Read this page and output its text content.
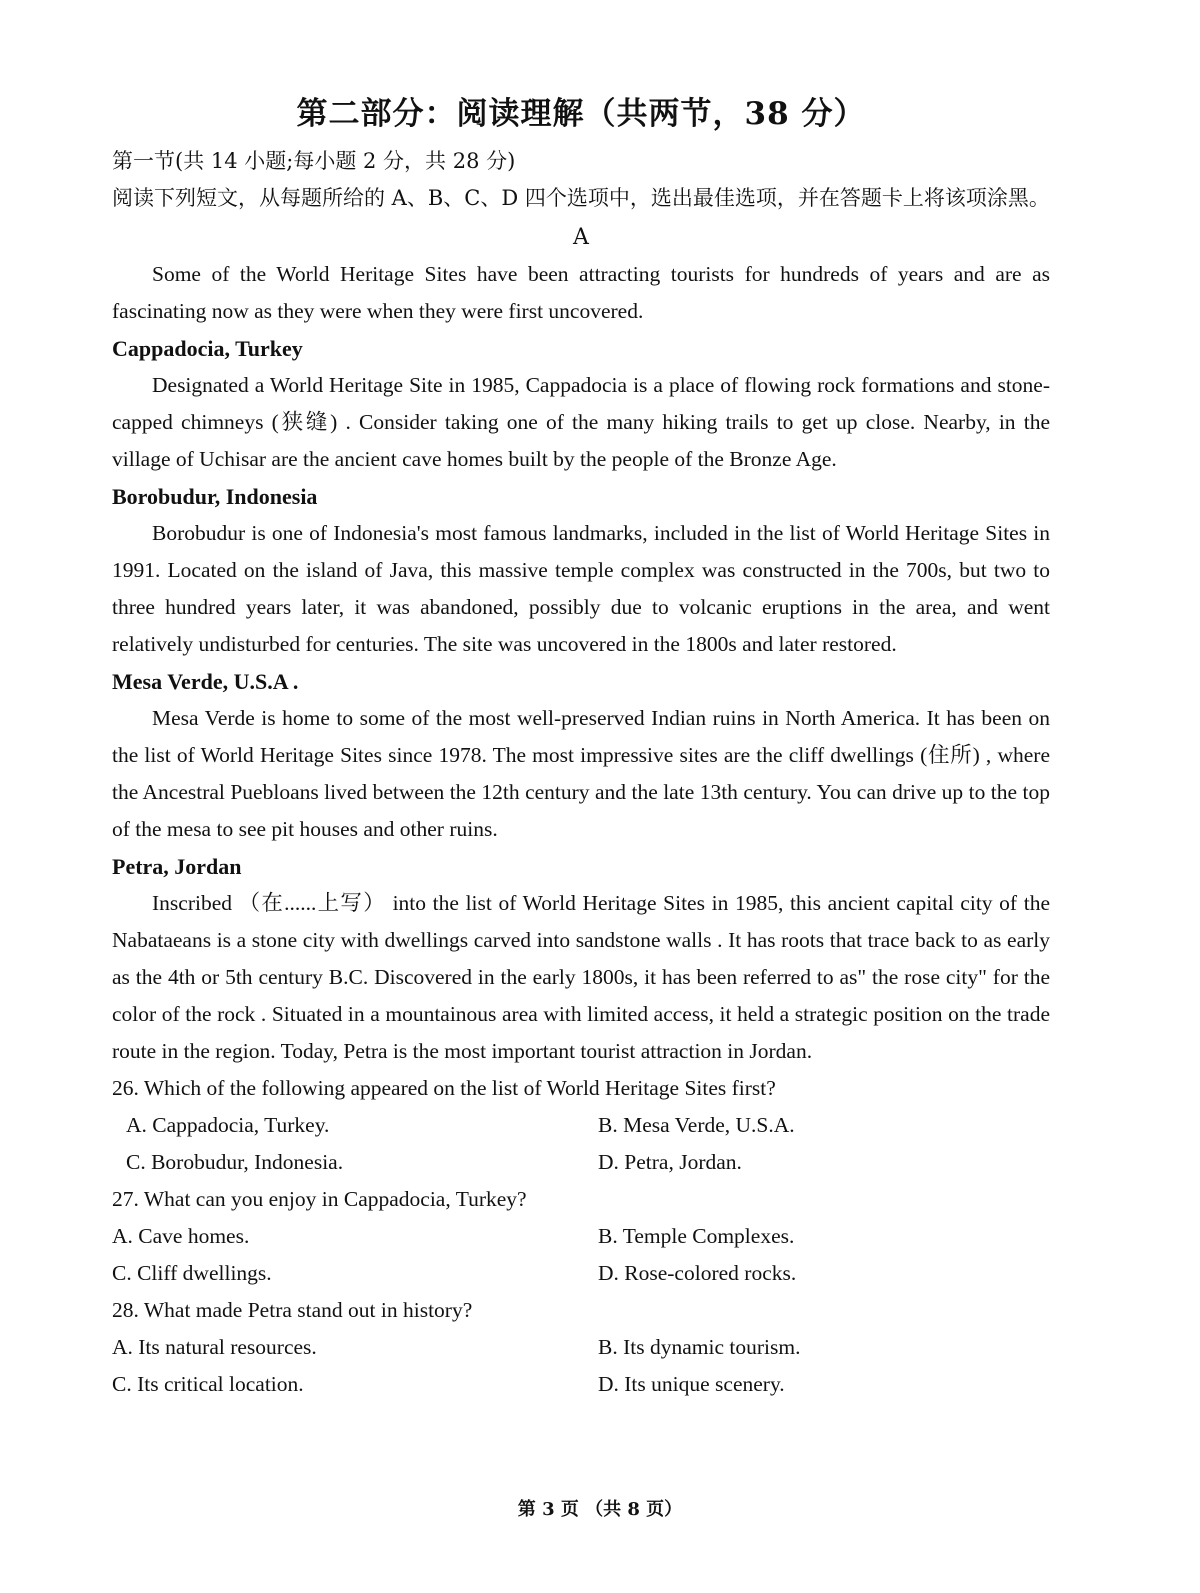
第二部分：阅读理解（共两节，38 分）

第一节(共 14 小题;每小题 2 分，共 28 分)

阅读下列短文，从每题所给的 A、B、C、D 四个选项中，选出最佳选项，并在答题卡上将该项涂黑。

A

Some of the World Heritage Sites have been attracting tourists for hundreds of years and are as fascinating now as they were when they were first uncovered.

Cappadocia, Turkey

Designated a World Heritage Site in 1985, Cappadocia is a place of flowing rock formations and stone-capped chimneys (狭缝) . Consider taking one of the many hiking trails to get up close. Nearby, in the village of Uchisar are the ancient cave homes built by the people of the Bronze Age.

Borobudur, Indonesia

Borobudur is one of Indonesia's most famous landmarks, included in the list of World Heritage Sites in 1991. Located on the island of Java, this massive temple complex was constructed in the 700s, but two to three hundred years later, it was abandoned, possibly due to volcanic eruptions in the area, and went relatively undisturbed for centuries. The site was uncovered in the 1800s and later restored.

Mesa Verde, U.S.A .

Mesa Verde is home to some of the most well-preserved Indian ruins in North America. It has been on the list of World Heritage Sites since 1978. The most impressive sites are the cliff dwellings (住所) , where the Ancestral Puebloans lived between the 12th century and the late 13th century. You can drive up to the top of the mesa to see pit houses and other ruins.

Petra, Jordan

Inscribed （在......上写） into the list of World Heritage Sites in 1985, this ancient capital city of the Nabataeans is a stone city with dwellings carved into sandstone walls . It has roots that trace back to as early as the 4th or 5th century B.C. Discovered in the early 1800s, it has been referred to as" the rose city" for the color of the rock . Situated in a mountainous area with limited access, it held a strategic position on the trade route in the region. Today, Petra is the most important tourist attraction in Jordan.

26. Which of the following appeared on the list of World Heritage Sites first?

A. Cappadocia, Turkey.	B. Mesa Verde, U.S.A.
C. Borobudur, Indonesia.	D. Petra, Jordan.

27. What can you enjoy in Cappadocia, Turkey?

A. Cave homes.	B. Temple Complexes.
C. Cliff dwellings.	D. Rose-colored rocks.

28. What made Petra stand out in history?

A. Its natural resources.	B. Its dynamic tourism.
C. Its critical location.	D. Its unique scenery.
第 3 页 （共 8 页）
